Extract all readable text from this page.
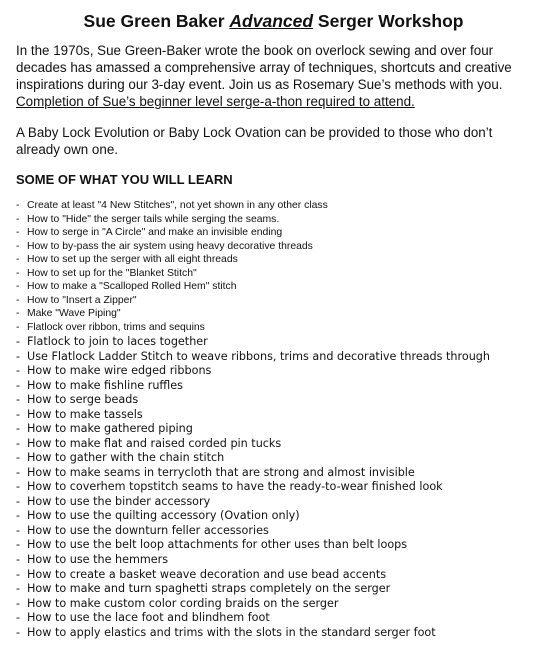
Sue Green Baker Advanced Serger Workshop
In the 1970s, Sue Green-Baker wrote the book on overlock sewing and over four
decades has amassed a comprehensive array of techniques, shortcuts and creative
inspirations during our 3-day event. Join us as Rosemary Sue’s methods with you.
Completion of Sue’s beginner level serge-a-thon required to attend.
A Baby Lock Evolution or Baby Lock Ovation can be provided to those who don’t
already own one.
SOME OF WHAT YOU WILL LEARN
- Create at least "4 New Stitches", not yet shown in any other class
- How to "Hide" the serger tails while serging the seams.
- How to serge in "A Circle" and make an invisible ending
- How to by-pass the air system using heavy decorative threads
- How to set up the serger with all eight threads
- How to set up for the "Blanket Stitch"
- How to make a "Scalloped Rolled Hem" stitch
- How to "Insert a Zipper"
- Make "Wave Piping"
- Flatlock over ribbon, trims and sequins
- Flatlock to join to laces together
- Use Flatlock Ladder Stitch to weave ribbons, trims and decorative threads through
- How to make wire edged ribbons
- How to make fishline ruffles
- How to serge beads
- How to make tassels
- How to make gathered piping
- How to make flat and raised corded pin tucks
- How to gather with the chain stitch
- How to make seams in terrycloth that are strong and almost invisible
- How to coverhem topstitch seams to have the ready-to-wear finished look
- How to use the binder accessory
- How to use the quilting accessory (Ovation only)
- How to use the downturn feller accessories
- How to use the belt loop attachments for other uses than belt loops
- How to use the hemmers
- How to create a basket weave decoration and use bead accents
- How to make and turn spaghetti straps completely on the serger
- How to make custom color cording braids on the serger
- How to use the lace foot and blindhem foot
- How to apply elastics and trims with the slots in the standard serger foot
